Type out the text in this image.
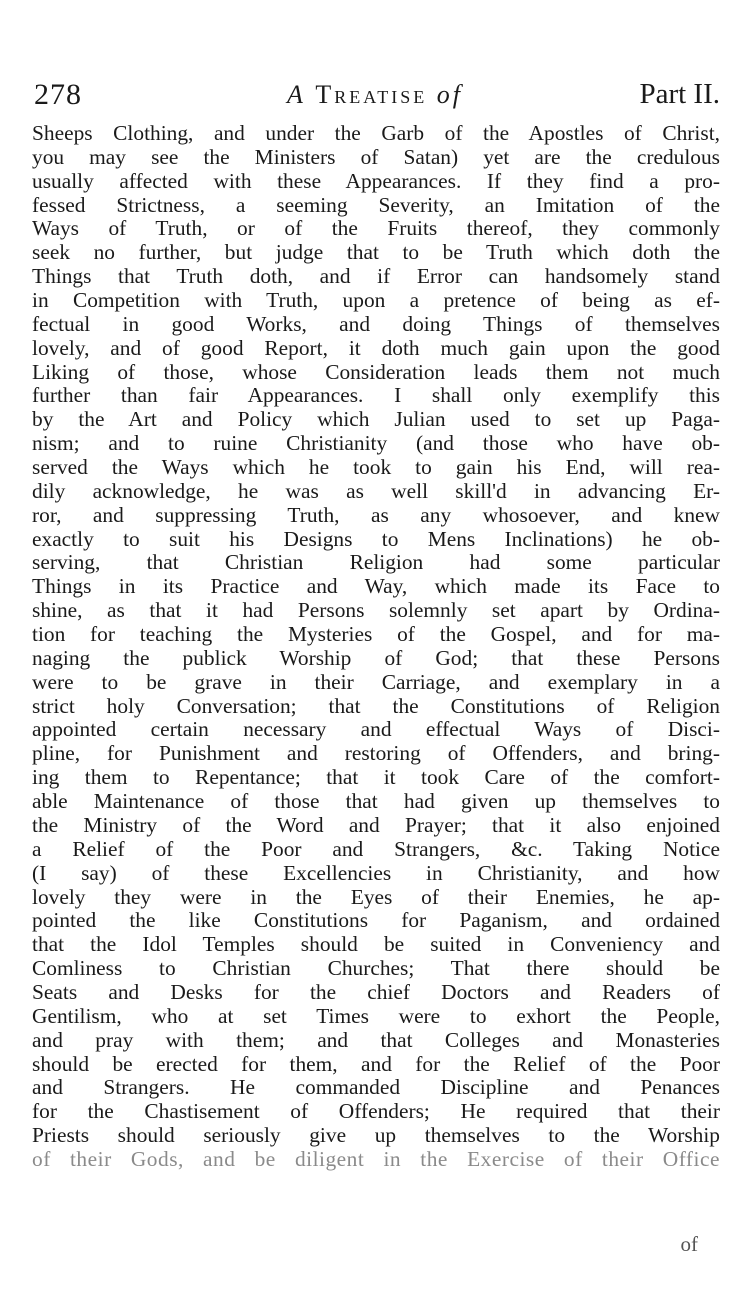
278	A Treatise of	Part II.
Sheeps Clothing, and under the Garb of the Apostles of Christ,
you may see the Ministers of Satan) yet are the credulous
usually affected with these Appearances. If they find a pro-
fessed Strictness, a seeming Severity, an Imitation of the
Ways of Truth, or of the Fruits thereof, they commonly
seek no further, but judge that to be Truth which doth the
Things that Truth doth, and if Error can handsomely stand
in Competition with Truth, upon a pretence of being as ef-
fectual in good Works, and doing Things of themselves
lovely, and of good Report, it doth much gain upon the good
Liking of those, whose Consideration leads them not much
further than fair Appearances. I shall only exemplify this
by the Art and Policy which Julian used to set up Paga-
nism; and to ruine Christianity (and those who have ob-
served the Ways which he took to gain his End, will rea-
dily acknowledge, he was as well skill'd in advancing Er-
ror, and suppressing Truth, as any whosoever, and knew
exactly to suit his Designs to Mens Inclinations) he ob-
serving, that Christian Religion had some particular
Things in its Practice and Way, which made its Face to
shine, as that it had Persons solemnly set apart by Ordina-
tion for teaching the Mysteries of the Gospel, and for ma-
naging the publick Worship of God; that these Persons
were to be grave in their Carriage, and exemplary in a
strict holy Conversation; that the Constitutions of Religion
appointed certain necessary and effectual Ways of Disci-
pline, for Punishment and restoring of Offenders, and bring-
ing them to Repentance; that it took Care of the comfort-
able Maintenance of those that had given up themselves to
the Ministry of the Word and Prayer; that it also enjoined
a Relief of the Poor and Strangers, &c. Taking Notice
(I say) of these Excellencies in Christianity, and how
lovely they were in the Eyes of their Enemies, he ap-
pointed the like Constitutions for Paganism, and ordained
that the Idol Temples should be suited in Conveniency and
Comliness to Christian Churches; That there should be
Seats and Desks for the chief Doctors and Readers of
Gentilism, who at set Times were to exhort the People,
and pray with them; and that Colleges and Monasteries
should be erected for them, and for the Relief of the Poor
and Strangers. He commanded Discipline and Penances
for the Chastisement of Offenders; He required that their
Priests should seriously give up themselves to the Worship
of their Gods, and be diligent in the Exercise of their Office
of
